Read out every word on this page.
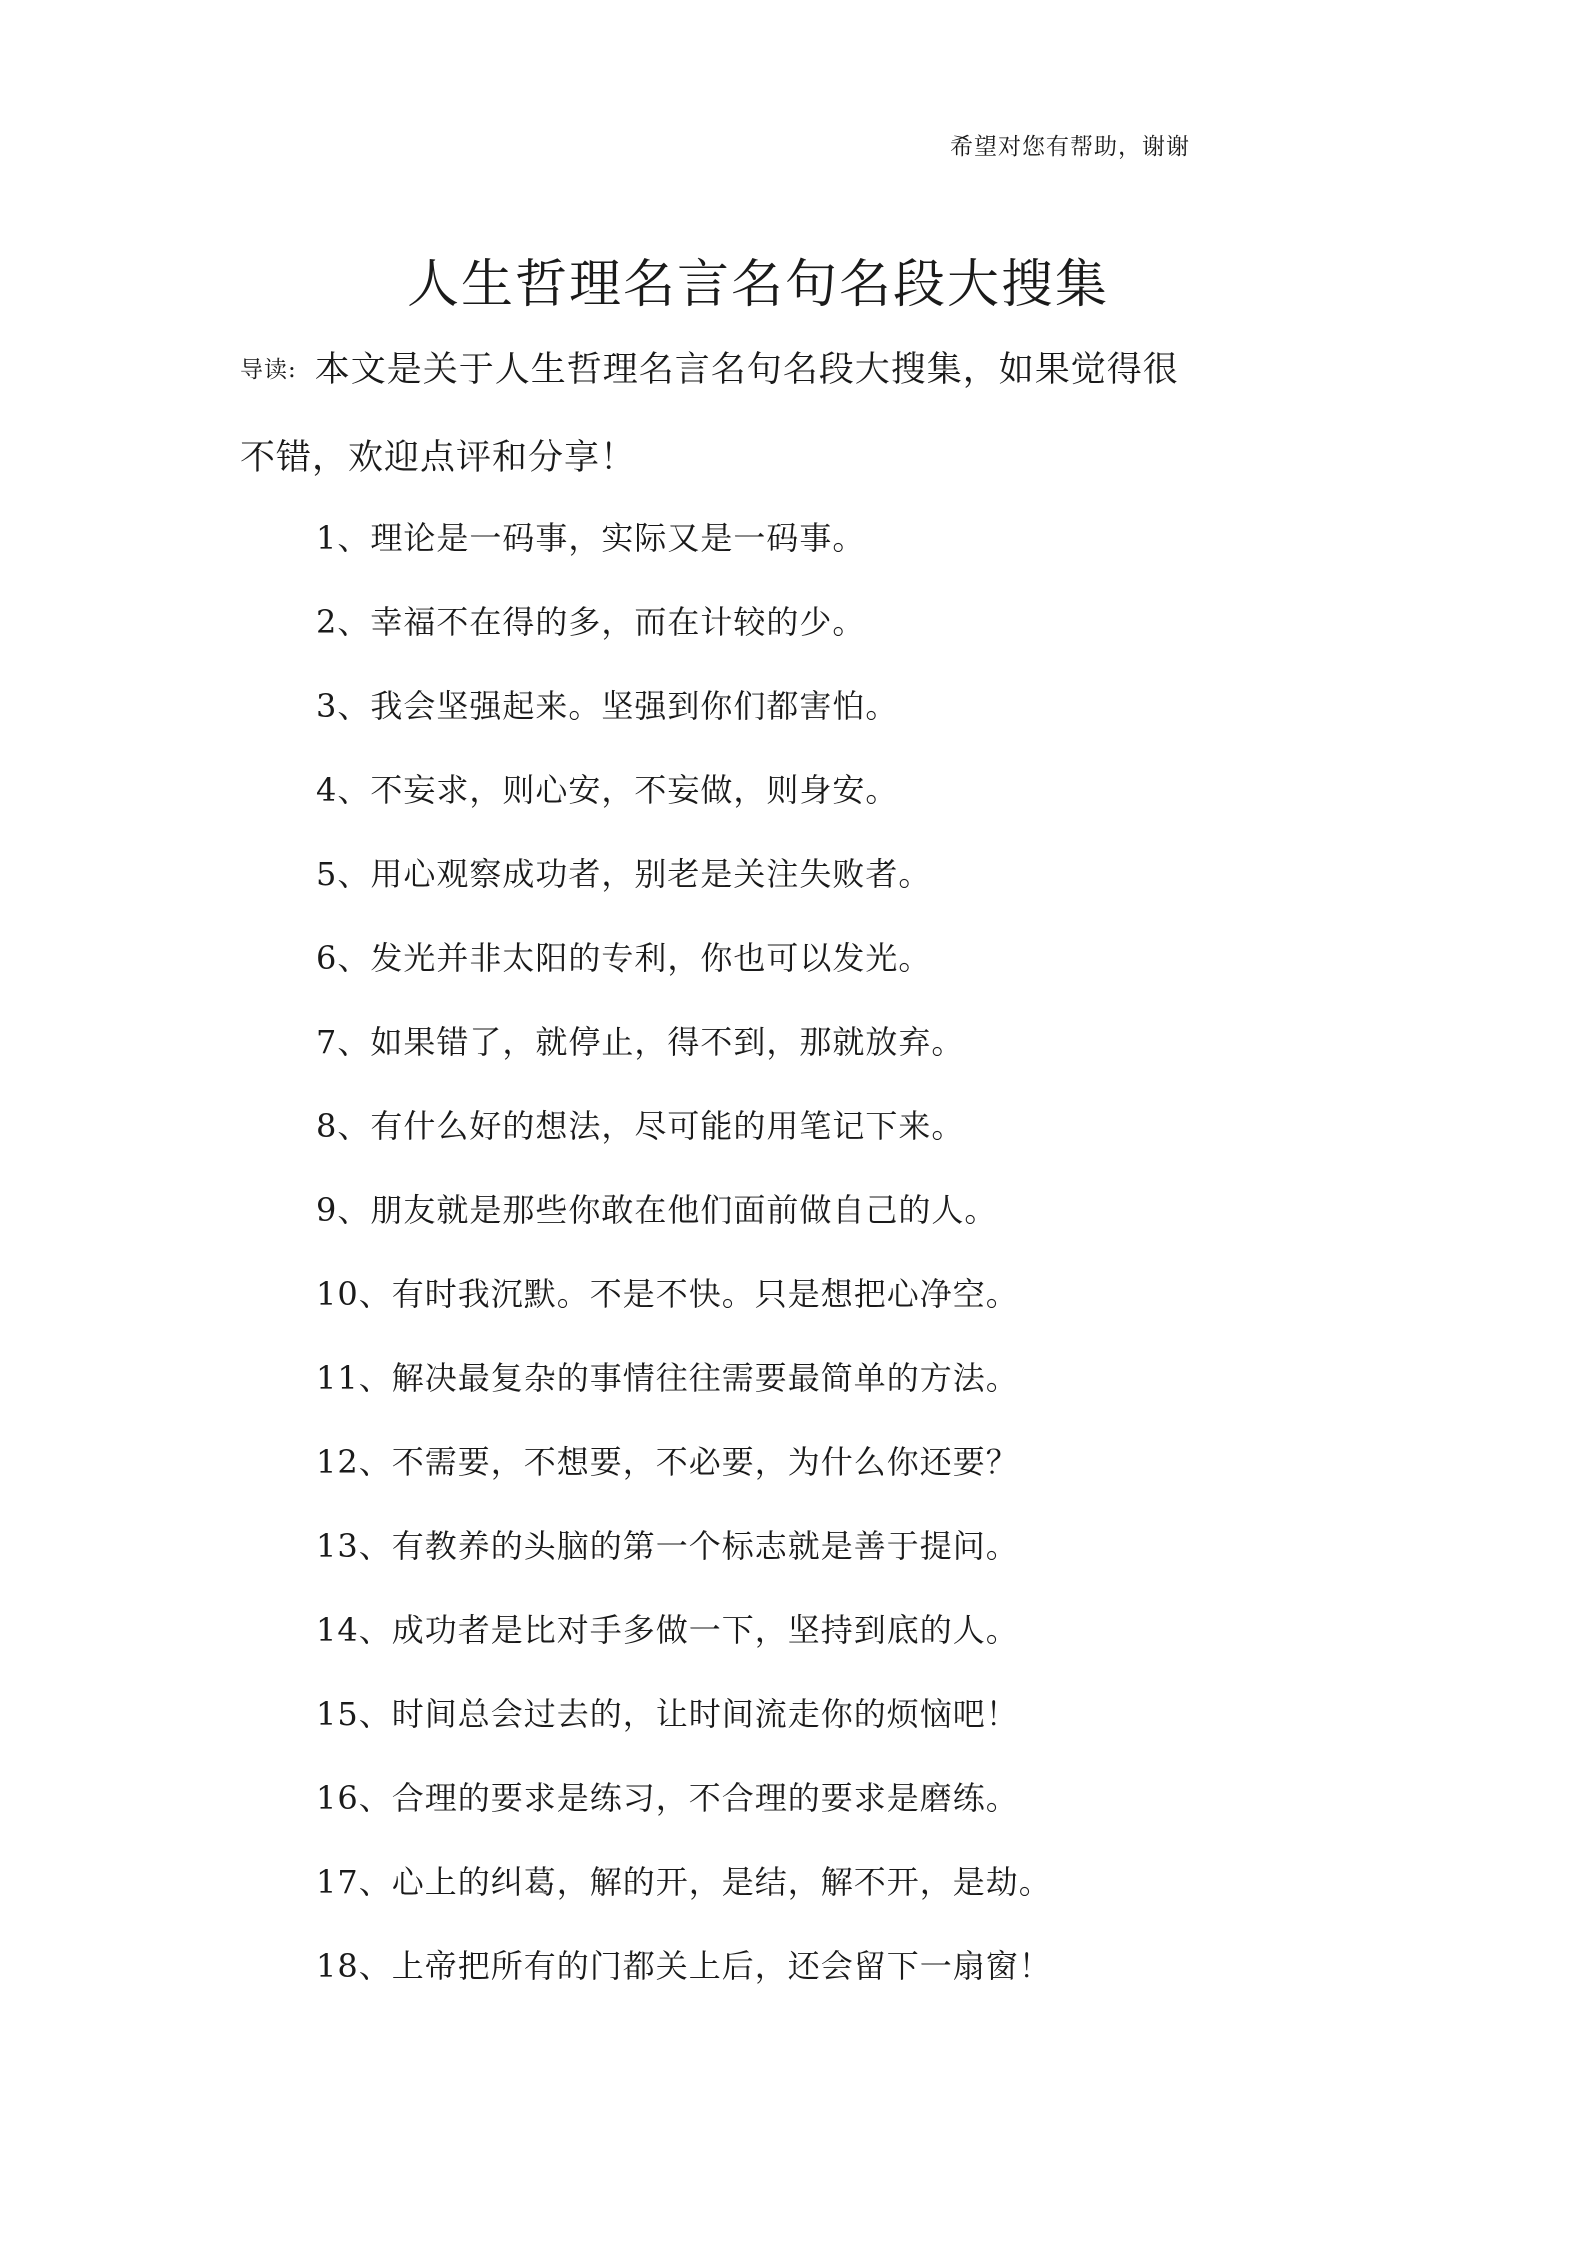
希望对您有帮助，谢谢
人生哲理名言名句名段大搜集
导读: 本文是关于人生哲理名言名句名段大搜集，如果觉得很
不错，欢迎点评和分享！
1、理论是一码事，实际又是一码事。
2、幸福不在得的多，而在计较的少。
3、我会坚强起来。坚强到你们都害怕。
4、不妄求，则心安，不妄做，则身安。
5、用心观察成功者，别老是关注失败者。
6、发光并非太阳的专利，你也可以发光。
7、如果错了，就停止，得不到，那就放弃。
8、有什么好的想法，尽可能的用笔记下来。
9、朋友就是那些你敢在他们面前做自己的人。
10、有时我沉默。不是不快。只是想把心净空。
11、解决最复杂的事情往往需要最简单的方法。
12、不需要，不想要，不必要，为什么你还要？
13、有教养的头脑的第一个标志就是善于提问。
14、成功者是比对手多做一下，坚持到底的人。
15、时间总会过去的，让时间流走你的烦恼吧！
16、合理的要求是练习，不合理的要求是磨练。
17、心上的纠葛，解的开，是结，解不开，是劫。
18、上帝把所有的门都关上后，还会留下一扇窗！
